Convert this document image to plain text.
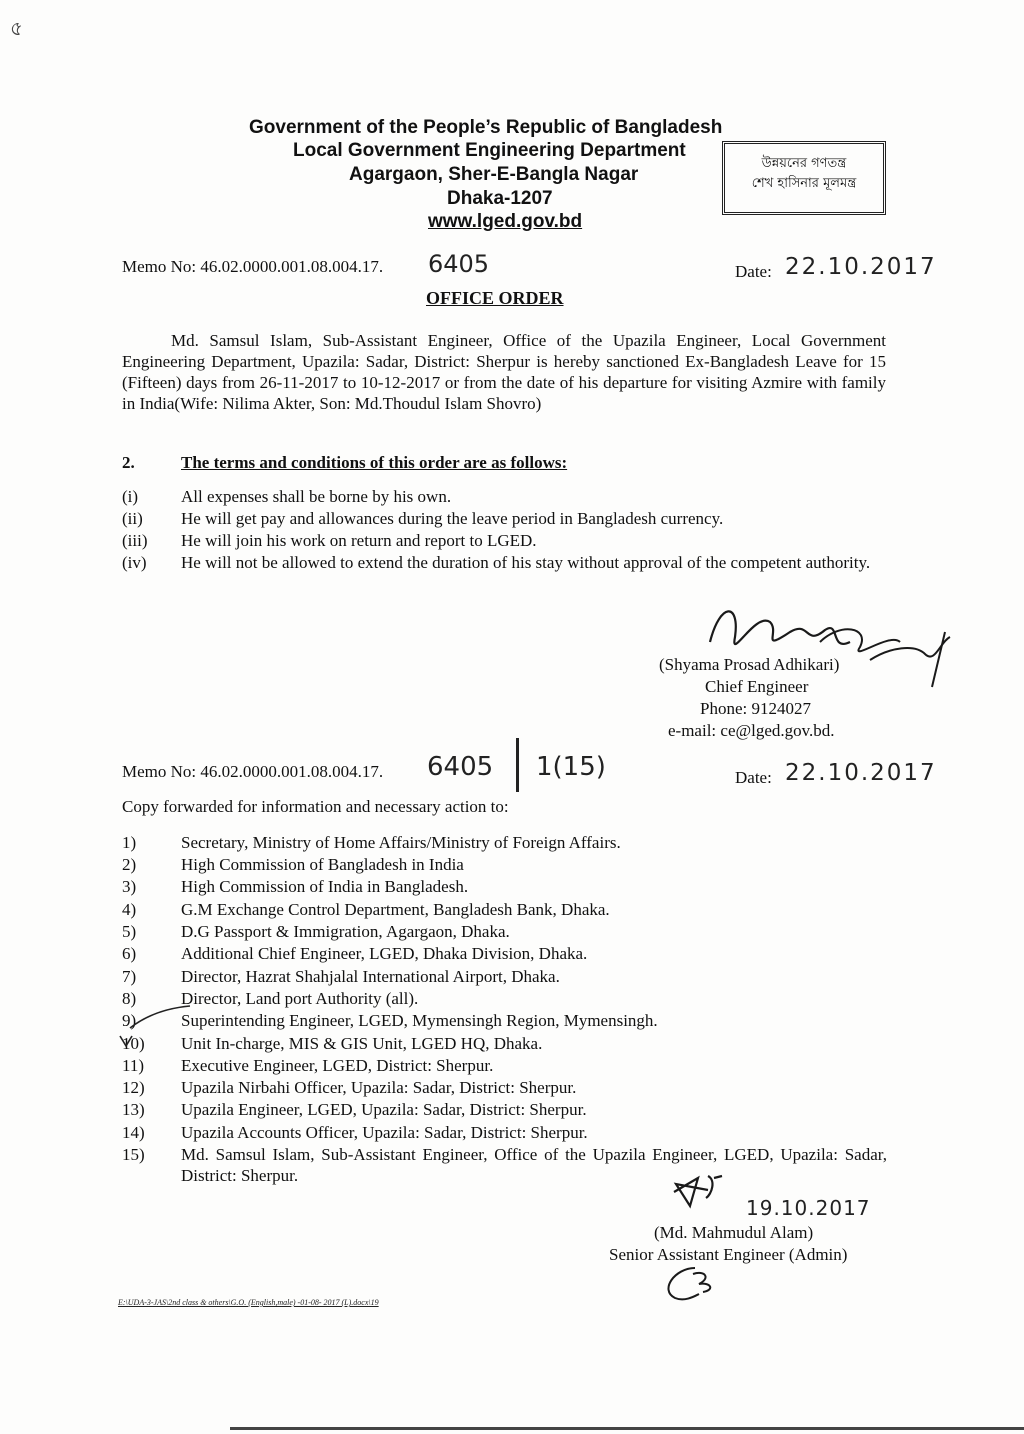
৫
Government of the People’s Republic of Bangladesh
Local Government Engineering Department
Agargaon, Sher-E-Bangla Nagar
Dhaka-1207
www.lged.gov.bd
উন্নয়নের গণতন্ত্র
শেখ হাসিনার মূলমন্ত্র
Memo No: 46.02.0000.001.08.004.17. 6405	Date: 22.10.2017
OFFICE ORDER
Md. Samsul Islam, Sub-Assistant Engineer, Office of the Upazila Engineer, Local Government Engineering Department, Upazila: Sadar, District: Sherpur is hereby sanctioned Ex-Bangladesh Leave for 15 (Fifteen) days from 26-11-2017 to 10-12-2017 or from the date of his departure for visiting Azmire with family in India(Wife: Nilima Akter, Son: Md.Thoudul Islam Shovro)
2.	The terms and conditions of this order are as follows:
(i)	All expenses shall be borne by his own.
(ii)	He will get pay and allowances during the leave period in Bangladesh currency.
(iii)	He will join his work on return and report to LGED.
(iv)	He will not be allowed to extend the duration of his stay without approval of the competent authority.
(Shyama Prosad Adhikari)
Chief Engineer
Phone: 9124027
e-mail: ce@lged.gov.bd.
Memo No: 46.02.0000.001.08.004.17. 6405 1(15)	Date: 22.10.2017
Copy forwarded for information and necessary action to:
1)	Secretary, Ministry of Home Affairs/Ministry of Foreign Affairs.
2)	High Commission of Bangladesh in India
3)	High Commission of India in Bangladesh.
4)	G.M Exchange Control Department, Bangladesh Bank, Dhaka.
5)	D.G Passport & Immigration, Agargaon, Dhaka.
6)	Additional Chief Engineer, LGED, Dhaka Division, Dhaka.
7)	Director, Hazrat Shahjalal International Airport, Dhaka.
8)	Director, Land port Authority (all).
9)	Superintending Engineer, LGED, Mymensingh Region, Mymensingh.
10)	Unit In-charge, MIS & GIS Unit, LGED HQ, Dhaka.
11)	Executive Engineer, LGED, District: Sherpur.
12)	Upazila Nirbahi Officer, Upazila: Sadar, District: Sherpur.
13)	Upazila Engineer, LGED, Upazila: Sadar, District: Sherpur.
14)	Upazila Accounts Officer, Upazila: Sadar, District: Sherpur.
15)	Md. Samsul Islam, Sub-Assistant Engineer, Office of the Upazila Engineer, LGED, Upazila: Sadar, District: Sherpur.
19.10.2017
(Md. Mahmudul Alam)
Senior Assistant Engineer (Admin)
E:\UDA-3-JAS\2nd class & others\G.O. (English,male) -01-08- 2017 (L).docx\19
